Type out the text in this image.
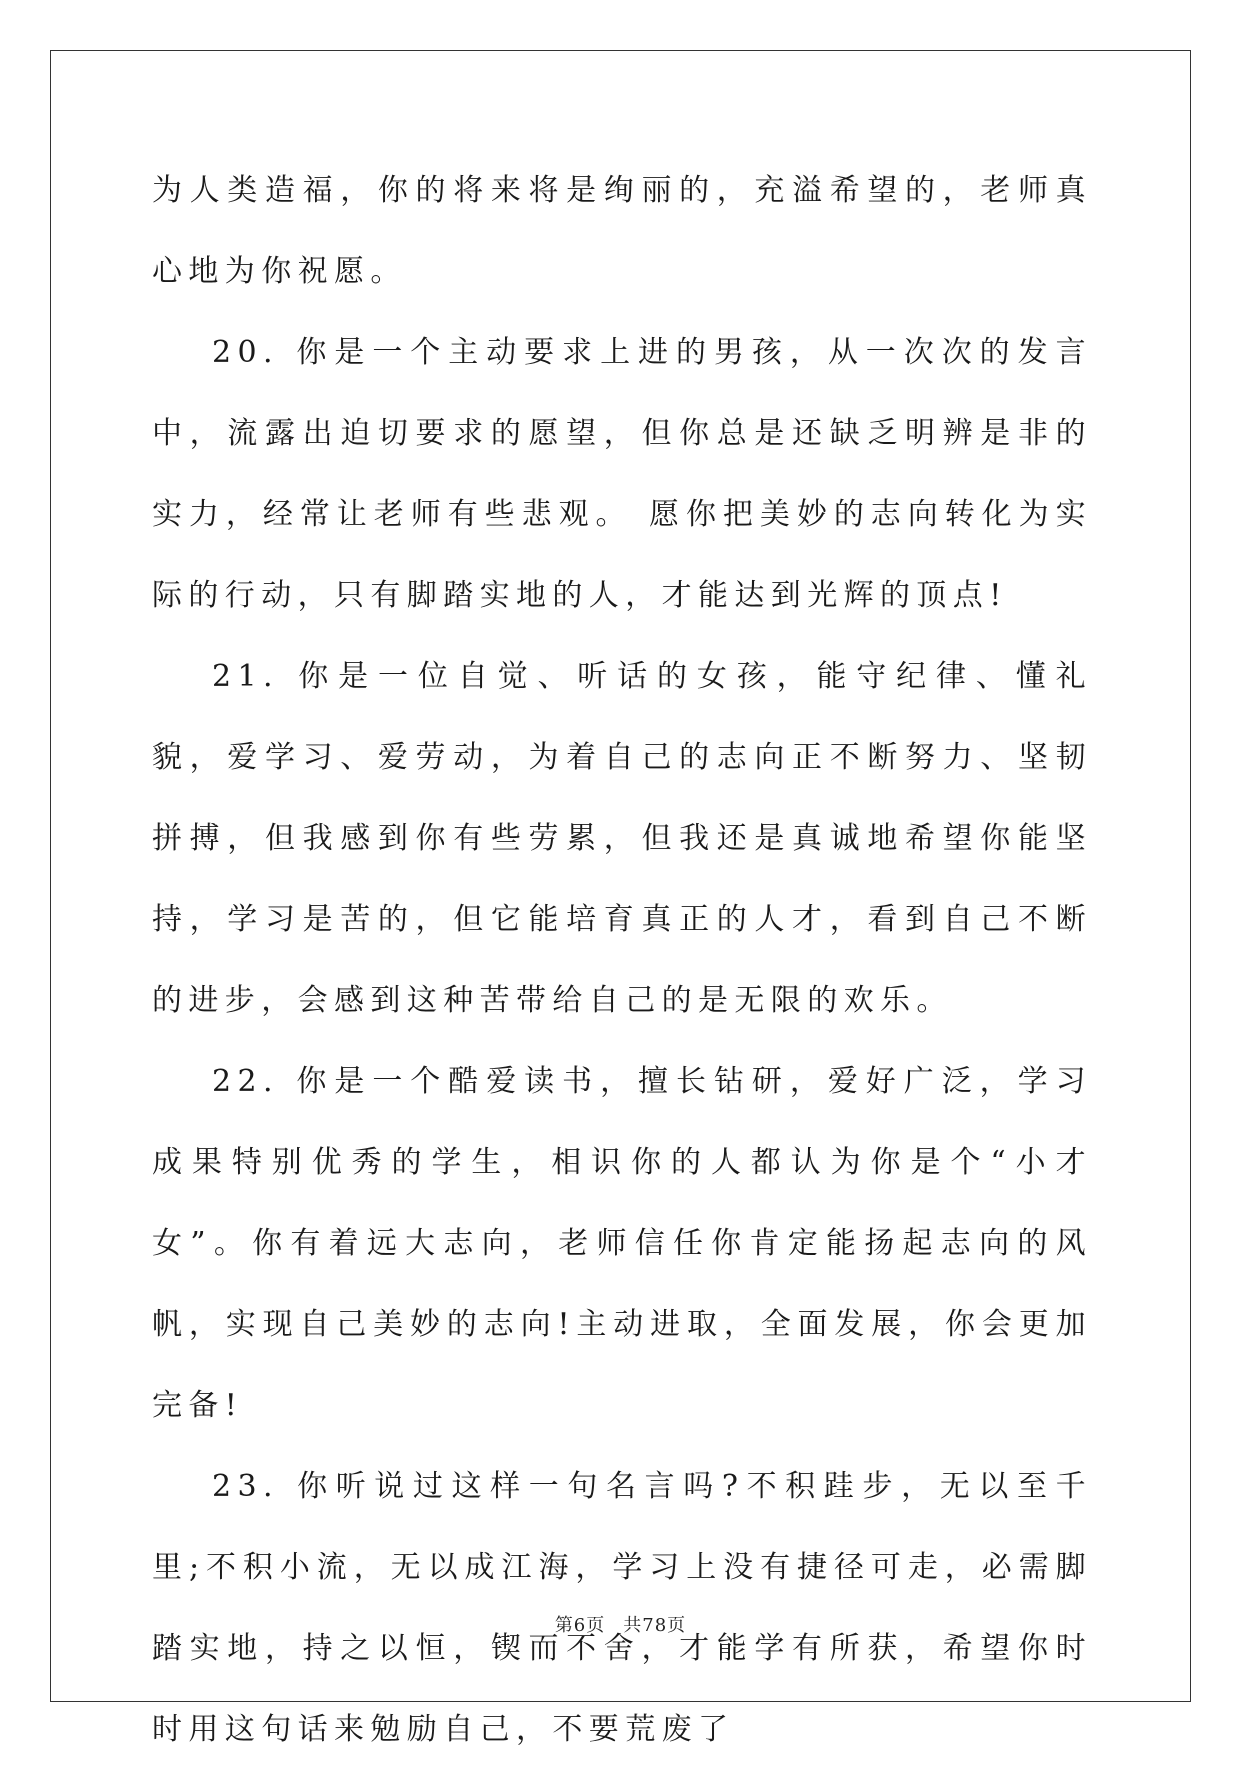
为人类造福，你的将来将是绚丽的，充溢希望的，老师真心地为你祝愿。

20. 你是一个主动要求上进的男孩，从一次次的发言中，流露出迫切要求的愿望，但你总是还缺乏明辨是非的实力，经常让老师有些悲观。 愿你把美妙的志向转化为实际的行动，只有脚踏实地的人，才能达到光辉的顶点!

21. 你是一位自觉、听话的女孩，能守纪律、懂礼貌，爱学习、爱劳动，为着自己的志向正不断努力、坚韧拼搏，但我感到你有些劳累，但我还是真诚地希望你能坚持，学习是苦的，但它能培育真正的人才，看到自己不断的进步，会感到这种苦带给自己的是无限的欢乐。

22. 你是一个酷爱读书，擅长钻研，爱好广泛，学习成果特别优秀的学生，相识你的人都认为你是个“小才女”。你有着远大志向，老师信任你肯定能扬起志向的风帆，实现自己美妙的志向!主动进取，全面发展，你会更加完备!

23. 你听说过这样一句名言吗?不积跬步，无以至千里;不积小流，无以成江海，学习上没有捷径可走，必需脚踏实地，持之以恒，锲而不舍，才能学有所获，希望你时时用这句话来勉励自己，不要荒废了

第6页 共78页
